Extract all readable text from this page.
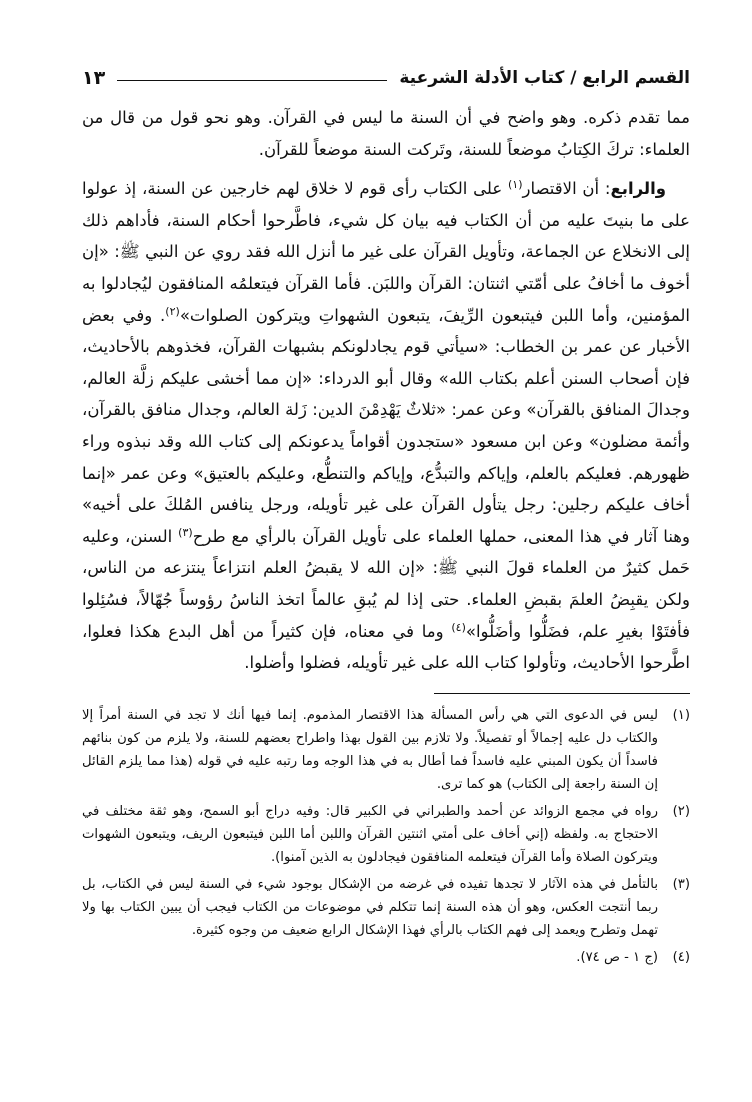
القسم الرابع / كتاب الأدلة الشرعية
١٣

مما تقدم ذكره. وهو واضح في أن السنة ما ليس في القرآن. وهو نحو قول من قال من العلماء: تركَ الكِتابُ موضعاً للسنة، وتَركت السنة موضعاً للقرآن.

والرابع: أن الاقتصار$^{(١)}$ على الكتاب رأى قوم لا خلاق لهم خارجين عن السنة، إذ عولوا على ما بنيتَ عليه من أن الكتاب فيه بيان كل شيء، فاطَّرحوا أحكام السنة، فأداهم ذلك إلى الانخلاع عن الجماعة، وتأويل القرآن على غير ما أنزل الله فقد روي عن النبي ﷺ: «إن أخوف ما أخافُ على أمّتي اثنتان: القرآن واللبَن. فأما القرآن فيتعلمُه المنافقون ليُجادلوا به المؤمنين، وأما اللبن فيتبعون الرِّيفَ، يتبعون الشهواتِ ويتركون الصلوات»$^{(٢)}$. وفي بعض الأخبار عن عمر بن الخطاب: «سيأتي قوم يجادلونكم بشبهات القرآن، فخذوهم بالأحاديث، فإن أصحاب السنن أعلم بكتاب الله» وقال أبو الدرداء: «إن مما أخشى عليكم زلَّة العالم، وجدالَ المنافق بالقرآن» وعن عمر: «ثلاثٌ يَهْدِمْنَ الدين: زَلة العالم، وجدال منافق بالقرآن، وأئمة مضلون» وعن ابن مسعود «ستجدون أقواماً يدعونكم إلى كتاب الله وقد نبذوه وراء ظهورهم. فعليكم بالعلم، وإياكم والتبدُّع، وإياكم والتنطُّع، وعليكم بالعتيق» وعن عمر «إنما أخاف عليكم رجلين: رجل يتأول القرآن على غير تأويله، ورجل ينافس المُلكَ على أخيه» وهنا آثار في هذا المعنى، حملها العلماء على تأويل القرآن بالرأي مع طرح$^{(٣)}$ السنن، وعليه حَمل كثيرٌ من العلماء قولَ النبي ﷺ: «إن الله لا يقبضُ العلم انتزاعاً ينتزعه من الناس، ولكن يقبِضُ العلمَ بقبضِ العلماء. حتى إذا لم يُبقِ عالماً اتخذ الناسُ رؤوساً جُهّالاً، فسُئِلوا فأفتَوْا بغيرِ علم، فضَلُّوا وأضَلُّوا»$^{(٤)}$ وما في معناه، فإن كثيراً من أهل البدع هكذا فعلوا، اطَّرحوا الأحاديث، وتأولوا كتاب الله على غير تأويله، فضلوا وأضلوا.

(١)
ليس في الدعوى التي هي رأس المسألة هذا الاقتصار المذموم. إنما فيها أنك لا تجد في السنة أمراً إلا والكتاب دل عليه إجمالاً أو تفصيلاً. ولا تلازم بين القول بهذا واطراح بعضهم للسنة، ولا يلزم من كون بنائهم فاسداً أن يكون المبني عليه فاسداً فما أطال به في هذا الوجه وما رتبه عليه في قوله (هذا مما يلزم القائل إن السنة راجعة إلى الكتاب) هو كما ترى.
(٢)
رواه في مجمع الزوائد عن أحمد والطبراني في الكبير قال: وفيه دراج أبو السمح، وهو ثقة مختلف في الاحتجاج به. ولفظه (إني أخاف على أمتي اثنتين القرآن واللبن أما اللبن فيتبعون الريف، ويتبعون الشهوات ويتركون الصلاة وأما القرآن فيتعلمه المنافقون فيجادلون به الذين آمنوا).
(٣)
بالتأمل في هذه الآثار لا تجدها تفيده في غرضه من الإشكال بوجود شيء في السنة ليس في الكتاب، بل ربما أنتجت العكس، وهو أن هذه السنة إنما تتكلم في موضوعات من الكتاب فيجب أن يبين الكتاب بها ولا تهمل وتطرح ويعمد إلى فهم الكتاب بالرأي فهذا الإشكال الرابع ضعيف من وجوه كثيرة.
(٤)
(ج ١ - ص ٧٤).
